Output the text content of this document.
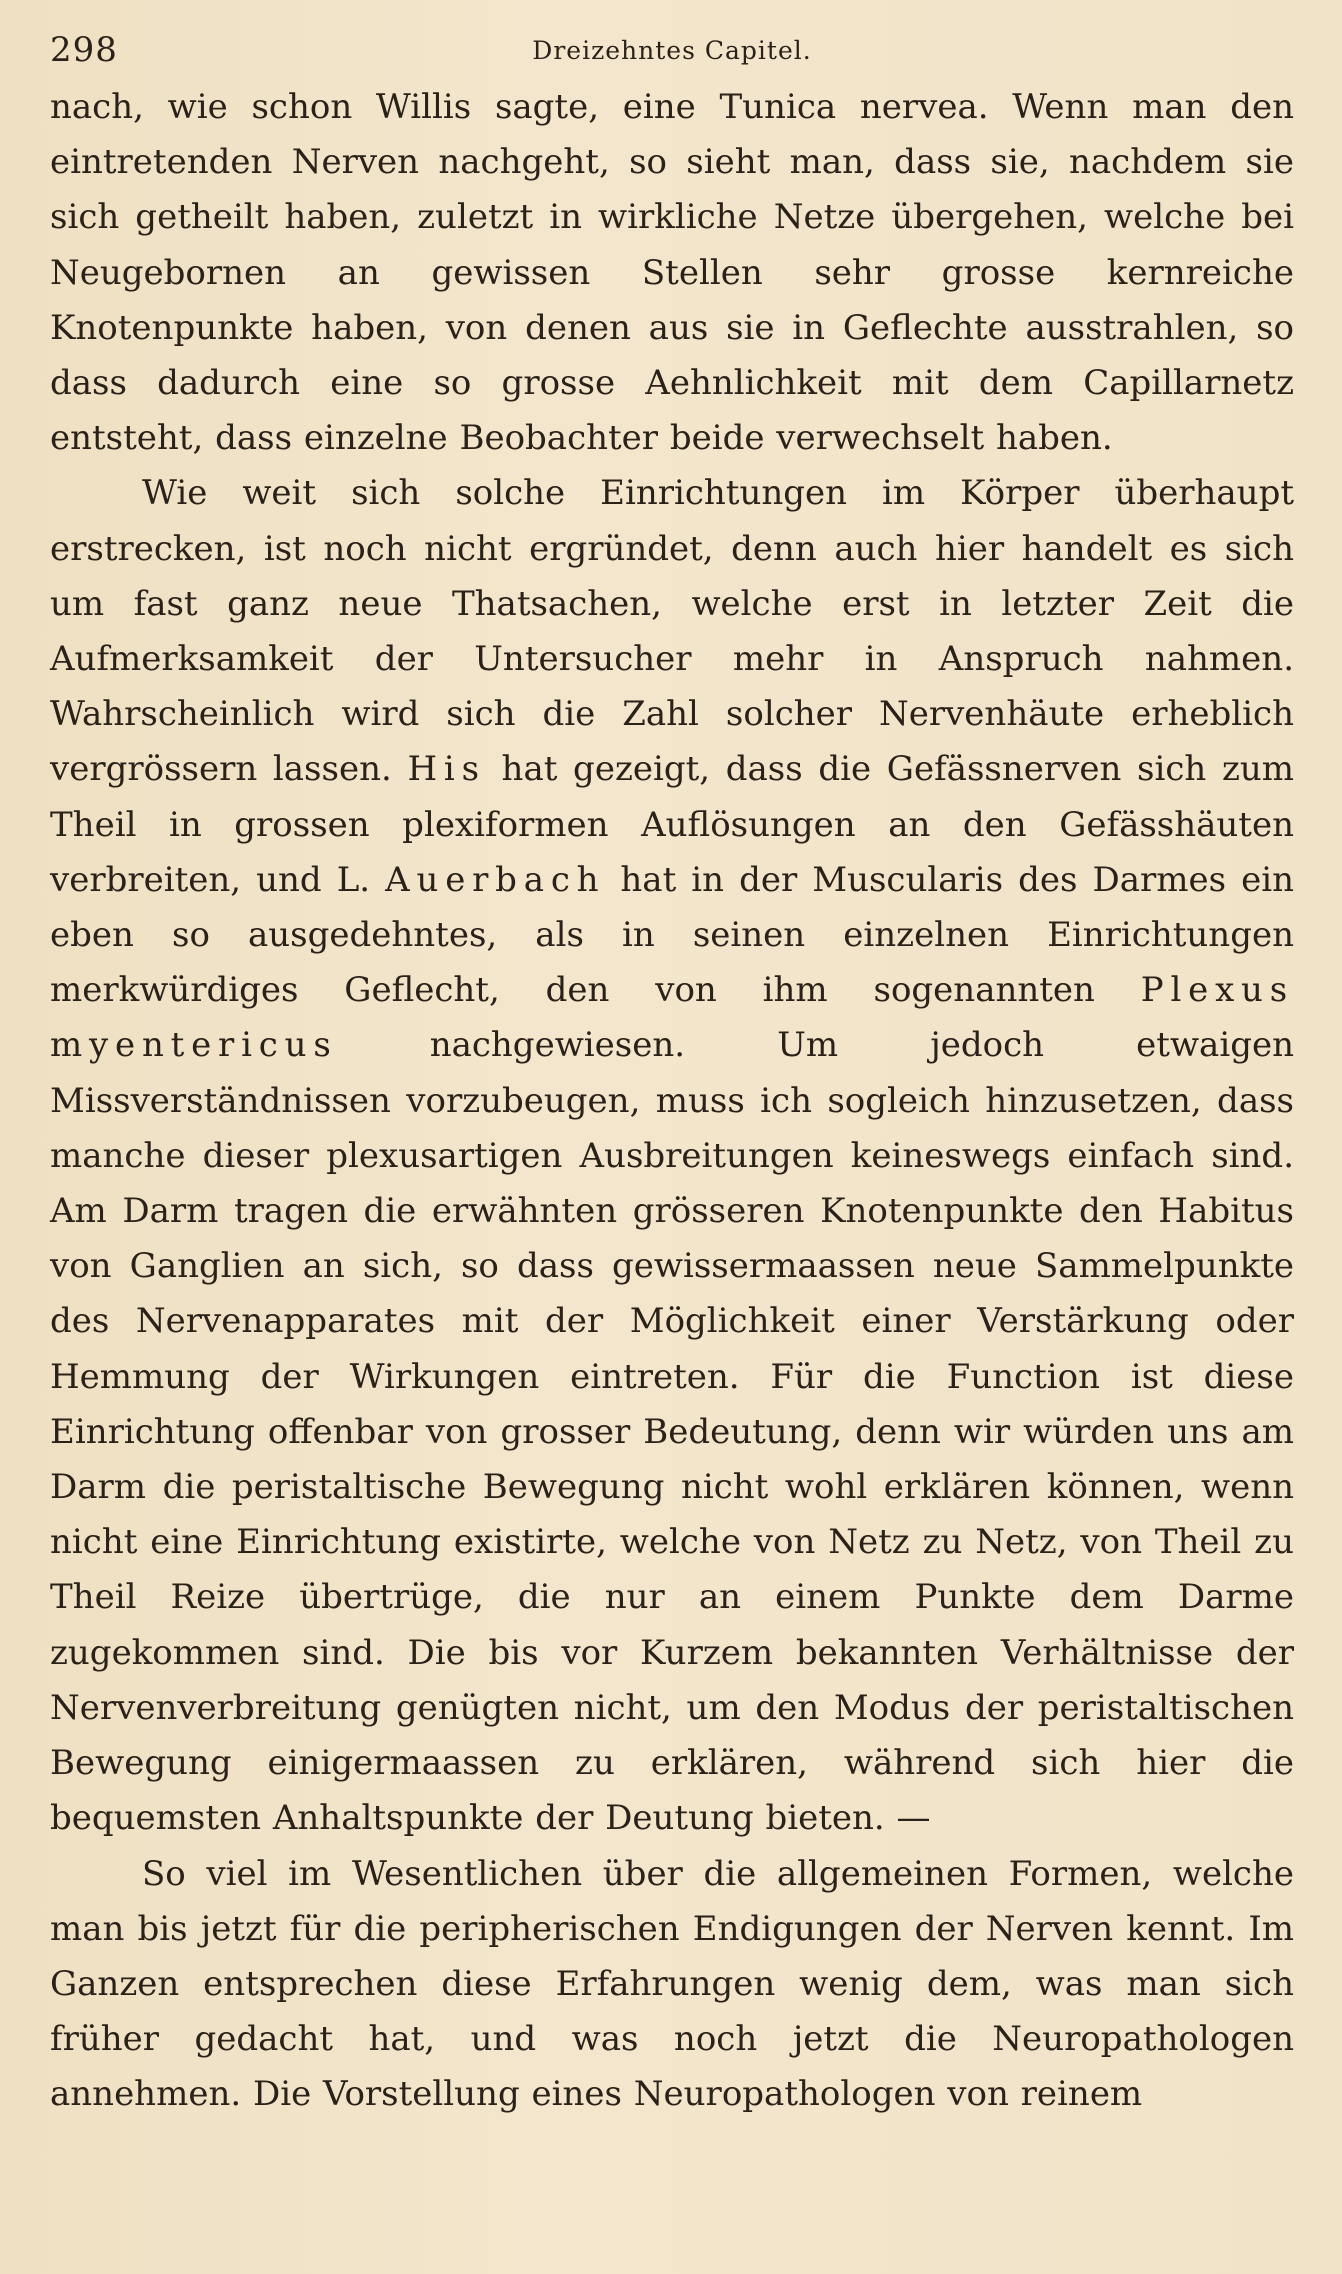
298	Dreizehntes Capitel.

nach, wie schon Willis sagte, eine Tunica nervea. Wenn man den eintretenden Nerven nachgeht, so sieht man, dass sie, nachdem sie sich getheilt haben, zuletzt in wirkliche Netze übergehen, welche bei Neugebornen an gewissen Stellen sehr grosse kernreiche Knotenpunkte haben, von denen aus sie in Geflechte ausstrahlen, so dass dadurch eine so grosse Aehnlichkeit mit dem Capillarnetz entsteht, dass einzelne Beobachter beide verwechselt haben.

Wie weit sich solche Einrichtungen im Körper überhaupt erstrecken, ist noch nicht ergründet, denn auch hier handelt es sich um fast ganz neue Thatsachen, welche erst in letzter Zeit die Aufmerksamkeit der Untersucher mehr in Anspruch nahmen. Wahrscheinlich wird sich die Zahl solcher Nervenhäute erheblich vergrössern lassen. His hat gezeigt, dass die Gefässnerven sich zum Theil in grossen plexiformen Auflösungen an den Gefässhäuten verbreiten, und L. Auerbach hat in der Muscularis des Darmes ein eben so ausgedehntes, als in seinen einzelnen Einrichtungen merkwürdiges Geflecht, den von ihm sogenannten Plexus myentericus	nachgewiesen. Um jedoch etwaigen Missverständnissen vorzubeugen, muss ich sogleich hinzusetzen, dass manche dieser plexusartigen Ausbreitungen keineswegs einfach sind. Am Darm tragen die erwähnten grösseren Knotenpunkte den Habitus von Ganglien an sich, so dass gewissermaassen neue Sammelpunkte des Nervenapparates mit der Möglichkeit einer Verstärkung oder Hemmung der Wirkungen eintreten. Für die Function ist diese Einrichtung offenbar von grosser Bedeutung, denn wir würden uns am Darm die peristaltische Bewegung nicht wohl erklären können, wenn nicht eine Einrichtung existirte, welche von Netz zu Netz, von Theil zu Theil Reize übertrüge, die nur an einem Punkte dem Darme zugekommen sind. Die bis vor Kurzem bekannten Verhältnisse der Nervenverbreitung genügten nicht, um den Modus der peristaltischen Bewegung einigermaassen zu erklären, während sich hier die bequemsten Anhaltspunkte der Deutung bieten. —

So viel im Wesentlichen über die allgemeinen Formen, welche man bis jetzt für die peripherischen Endigungen der Nerven kennt. Im Ganzen entsprechen diese Erfahrungen wenig dem, was man sich früher gedacht hat, und was noch jetzt die Neuropathologen annehmen. Die Vorstellung eines Neuropathologen von reinem
